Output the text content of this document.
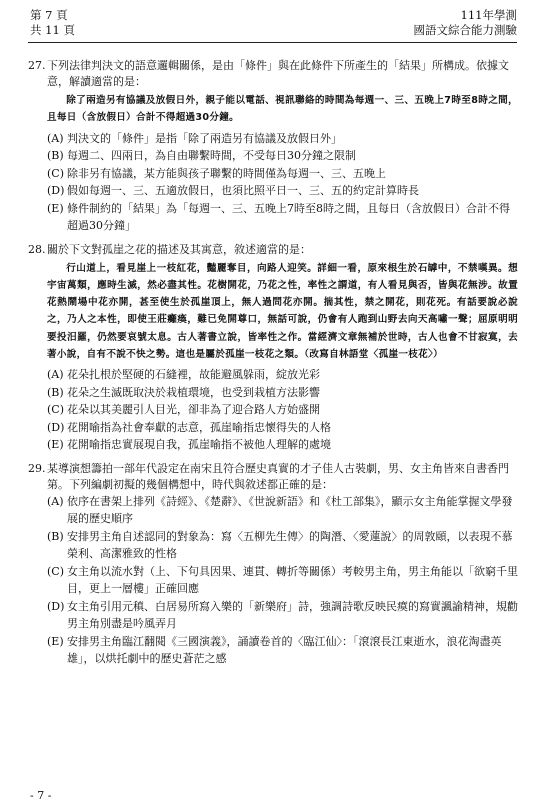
第 7 頁
共 11 頁
111年學測
國語文綜合能力測驗
27. 下列法律判決文的語意邏輯關係，是由「條件」與在此條件下所產生的「結果」所構成。依據文意，解讀適當的是：
除了兩造另有協議及放假日外，親子能以電話、視訊聯絡的時間為每週一、三、五晚上7時至8時之間，且每日（含放假日）合計不得超過30分鐘。
(A) 判決文的「條件」是指「除了兩造另有協議及放假日外」
(B) 每週二、四兩日，為自由聯繫時間，不受每日30分鐘之限制
(C) 除非另有協議，某方能與孩子聯繫的時間僅為每週一、三、五晚上
(D) 假如每週一、三、五適放假日，也須比照平日一、三、五的約定計算時長
(E) 條件制約的「結果」為「每週一、三、五晚上7時至8時之間，且每日（含放假日）合計不得超過30分鐘」
28. 關於下文對孤崖之花的描述及其寓意，敘述適當的是：
行山道上，看見崖上一枝紅花，豔麗奪目，向路人迎笑。詳細一看，原來根生於石罅中，不禁嘆異。想宇宙萬類，應時生滅，然必盡其性。花樹開花，乃花之性，率性之謂道，有人看見與否，皆與花無涉。故置花熱鬧場中花亦開，甚至使生於孤崖頂上，無人過問花亦開。揣其性，禁之開花，則花死。有話要說必說之，乃人之本性，即使王莊癱瘓，難已免開尊口，無話可說，仍會有人跑到山野去向天高嘯一聲；屈原明明要投汨羅，仍然要哀號太息。古人著書立說，皆率性之作。當經濟文章無補於世時，古人也會不甘寂寞，去著小說，自有不說不快之勢。這也是屬於孤崖一枝花之類。（改寫自林語堂〈孤崖一枝花〉）
(A) 花朵扎根於堅硬的石縫裡，故能避風躲雨，綻放光彩
(B) 花朵之生滅既取決於栽植環境，也受到栽植方法影響
(C) 花朵以其美麗引人目光，卻非為了迎合路人方始盛開
(D) 花開喻指為社會奉獻的志意，孤崖喻指忠懷得失的人格
(E) 花開喻指忠實展現自我，孤崖喻指不被他人理解的處境
29. 某導演想籌拍一部年代設定在南宋且符合歷史真實的才子佳人古裝劇，男、女主角皆來自書香門第。下列編劇初擬的幾個構想中，時代與敘述都正確的是：
(A) 依序在書架上排列《詩經》、《楚辭》、《世說新語》和《杜工部集》，顯示女主角能掌握文學發展的歷史順序
(B) 安排男主角自述認同的對象為：寫〈五柳先生傳〉的陶潛、〈愛蓮說〉的周敦頤，以表現不慕榮利、高潔雅致的性格
(C) 女主角以流水對（上、下句具因果、連貫、轉折等關係）考較男主角，男主角能以「欲窮千里目，更上一層樓」正確回應
(D) 女主角引用元稹、白居易所寫入樂的「新樂府」詩，強調詩歌反映民瘼的寫實諷諭精神，規勸男主角別盡是吟風弄月
(E) 安排男主角臨江翻閱《三國演義》，誦讀卷首的〈臨江仙〉：「滾滾長江東逝水，浪花淘盡英雄」，以烘托劇中的歷史蒼茫之感
- 7 -
